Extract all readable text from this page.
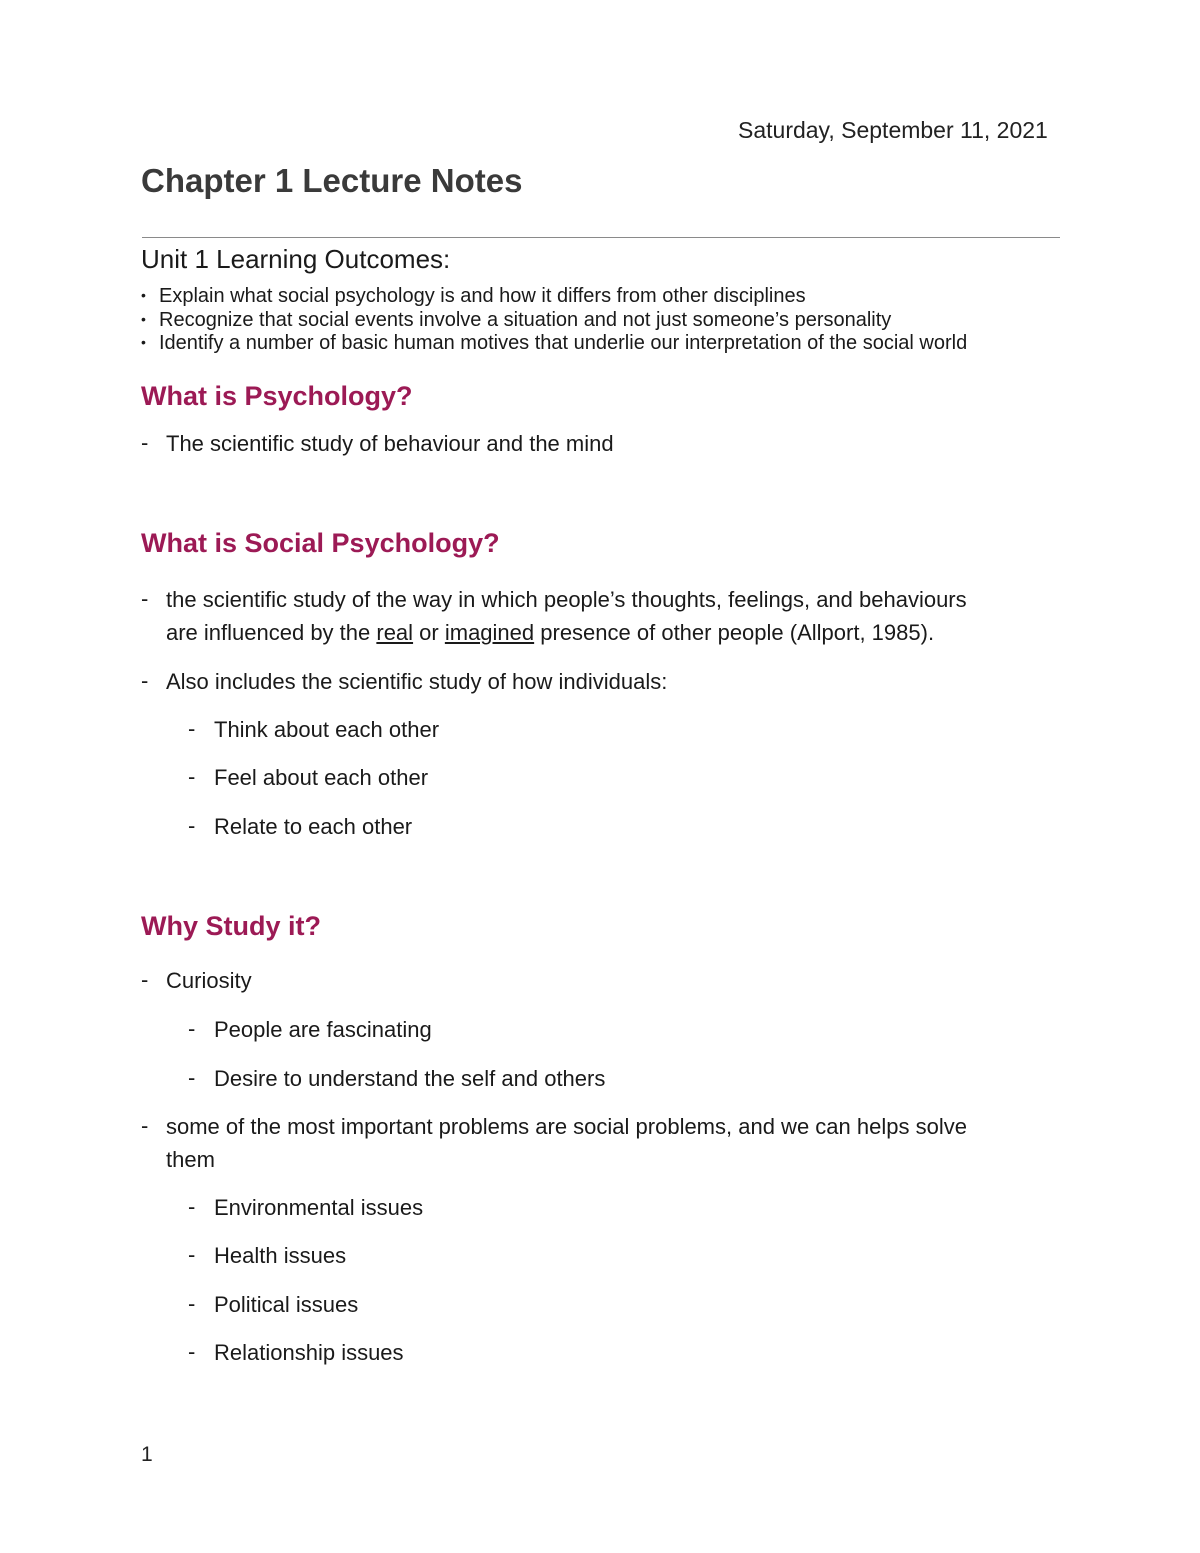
Saturday, September 11, 2021
Chapter 1 Lecture Notes
Unit 1 Learning Outcomes:
• Explain what social psychology is and how it differs from other disciplines
• Recognize that social events involve a situation and not just someone’s personality
• Identify a number of basic human motives that underlie our interpretation of the social world
What is Psychology?
- The scientific study of behaviour and the mind
What is Social Psychology?
- the scientific study of the way in which people’s thoughts, feelings, and behaviours
are influenced by the real or imagined presence of other people (Allport, 1985).
- Also includes the scientific study of how individuals:
- Think about each other
- Feel about each other
- Relate to each other
Why Study it?
- Curiosity
- People are fascinating
- Desire to understand the self and others
- some of the most important problems are social problems, and we can helps solve
them
- Environmental issues
- Health issues
- Political issues
- Relationship issues
1
